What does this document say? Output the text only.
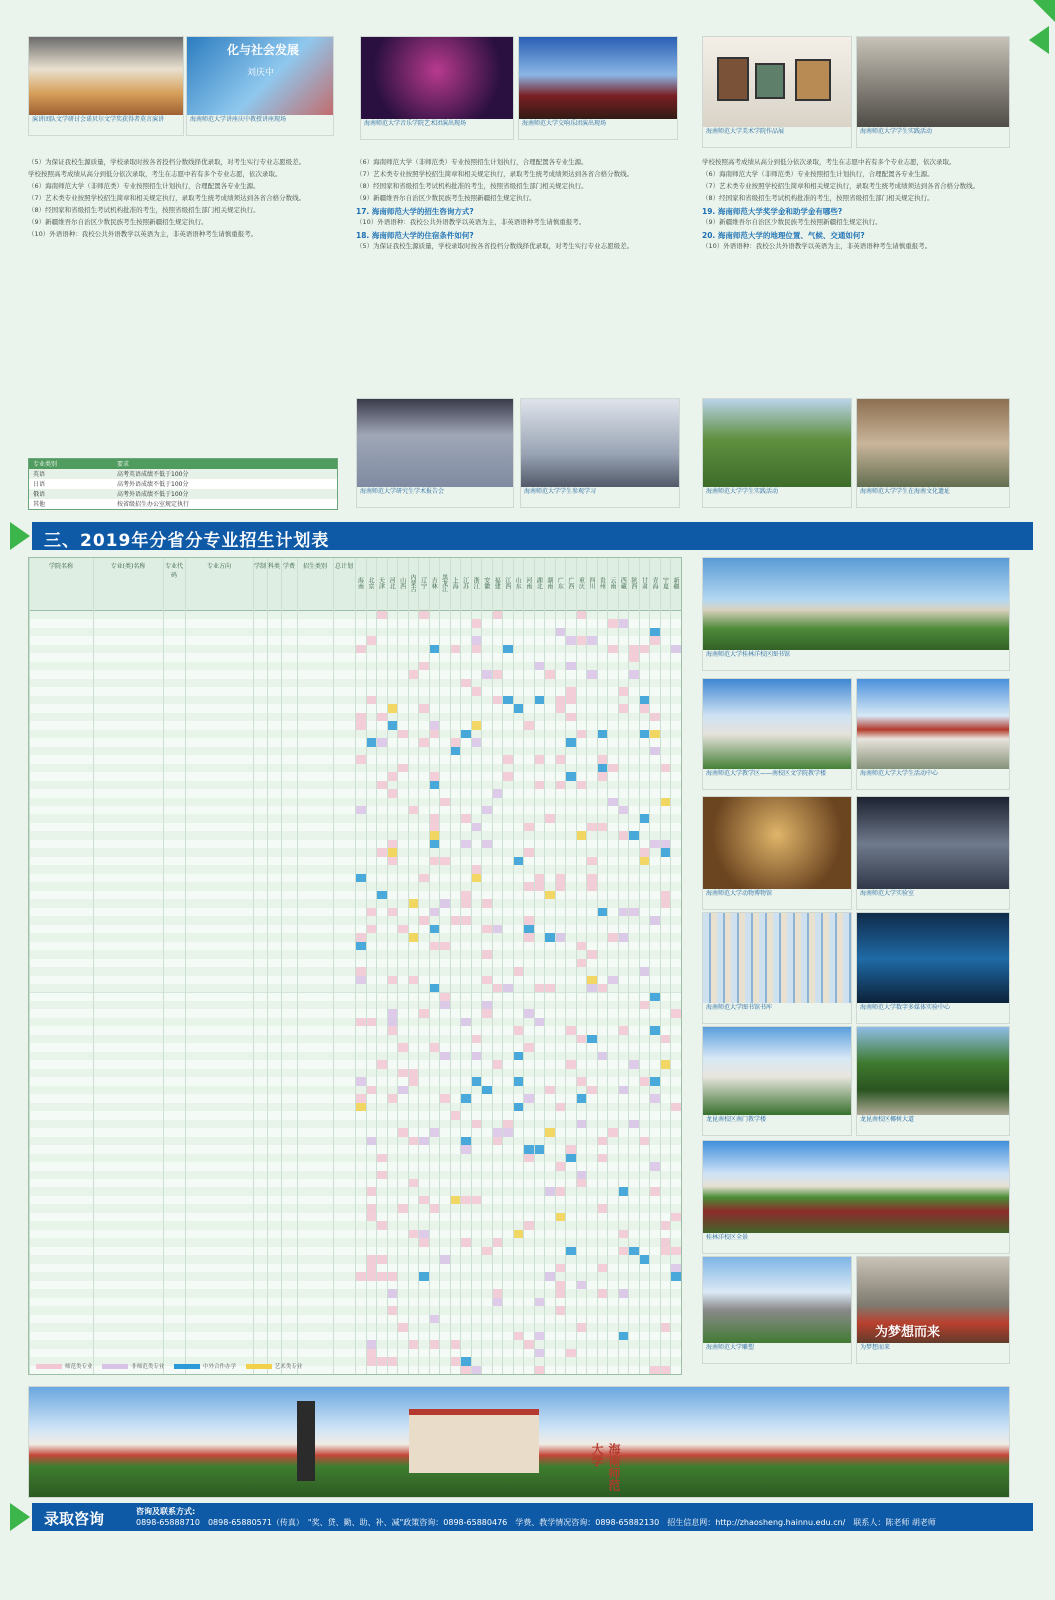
演讲团队文学研讨会诺贝尔文学奖获得者莫言演讲
化与社会发展
刘庆中
海南师范大学讲座庆中教授讲座现场
海南师范大学音乐学院艺术团演出现场	海南师范大学交响乐团演出现场
海南师范大学美术学院作品展	海南师范大学学生实践活动

（5）为保证我校生源质量，学校录取时按各省投档分数线择优录取，对考生实行专业志愿级差。

学校按照高考成绩从高分到低分依次录取，考生在志愿中若有多个专业志愿，依次录取。

（6）海南师范大学（非师范类）专业按照招生计划执行，合理配置各专业生源。

（7）艺术类专业按照学校招生简章和相关规定执行，录取考生统考成绩须达到各省合格分数线。

（8）经国家和省级招生考试机构批准的考生，按照省级招生部门相关规定执行。

（9）新疆维吾尔自治区少数民族考生按照新疆招生规定执行。

（10）外语语种：我校公共外语教学以英语为主，非英语语种考生请慎重报考。

专业类别	要求
英语	高考英语成绩不低于100分
日语	高考外语成绩不低于100分
俄语	高考外语成绩不低于100分
其他	按省级招生办公室规定执行

（6）海南师范大学（非师范类）专业按照招生计划执行，合理配置各专业生源。

（7）艺术类专业按照学校招生简章和相关规定执行，录取考生统考成绩须达到各省合格分数线。

（8）经国家和省级招生考试机构批准的考生，按照省级招生部门相关规定执行。

（9）新疆维吾尔自治区少数民族考生按照新疆招生规定执行。

17. 海南师范大学的招生咨询方式?

（10）外语语种：我校公共外语教学以英语为主，非英语语种考生请慎重报考。

18. 海南师范大学的住宿条件如何?

（5）为保证我校生源质量，学校录取时按各省投档分数线择优录取，对考生实行专业志愿级差。

海南师范大学研究生学术报告会	海南师范大学学生参观学习

学校按照高考成绩从高分到低分依次录取，考生在志愿中若有多个专业志愿，依次录取。

（6）海南师范大学（非师范类）专业按照招生计划执行，合理配置各专业生源。

（7）艺术类专业按照学校招生简章和相关规定执行，录取考生统考成绩须达到各省合格分数线。

（8）经国家和省级招生考试机构批准的考生，按照省级招生部门相关规定执行。

19. 海南师范大学奖学金和助学金有哪些?

（9）新疆维吾尔自治区少数民族考生按照新疆招生规定执行。

20. 海南师范大学的地理位置、气候、交通如何?

（10）外语语种：我校公共外语教学以英语为主，非英语语种考生请慎重报考。

海南师范大学学生实践活动	海南师范大学学生在海南文化遗址
三、2019年分省分专业招生计划表
学院名称	专业(类)名称	专业代码
专业方向	学制 科类 学费	招生类别	总计划
海南 北京 天津 河北 山西 内蒙古 辽宁 吉林 黑龙江 上海 江苏 浙江 安徽 福建 江西 山东 河南 湖北 湖南 广东 广西 重庆 四川 贵州 云南 西藏 陕西 甘肃 青海 宁夏 新疆
师范类专业	非师范类专业	中外合作办学	艺术类专业
海南师范大学桂林洋校区图书馆
海南师范大学教学区——南校区文学院教学楼	海南师范大学大学生活动中心
海南师范大学动物博物馆	海南师范大学实验室
海南师范大学图书馆书库	海南师范大学数字多媒体实验中心
龙昆南校区南门教学楼	龙昆南校区椰树大道
桂林洋校区全景
海南师范大学雕塑
为梦想而来
为梦想而来
海南师范大学
录取咨询	咨询及联系方式:
0898-65888710　0898-65880571（传真）　"奖、贷、勤、助、补、减"政策咨询：0898-65880476　学费、教学情况咨询：0898-65882130　招生信息网：http://zhaosheng.hainnu.edu.cn/　联系人：陈老师 胡老师
